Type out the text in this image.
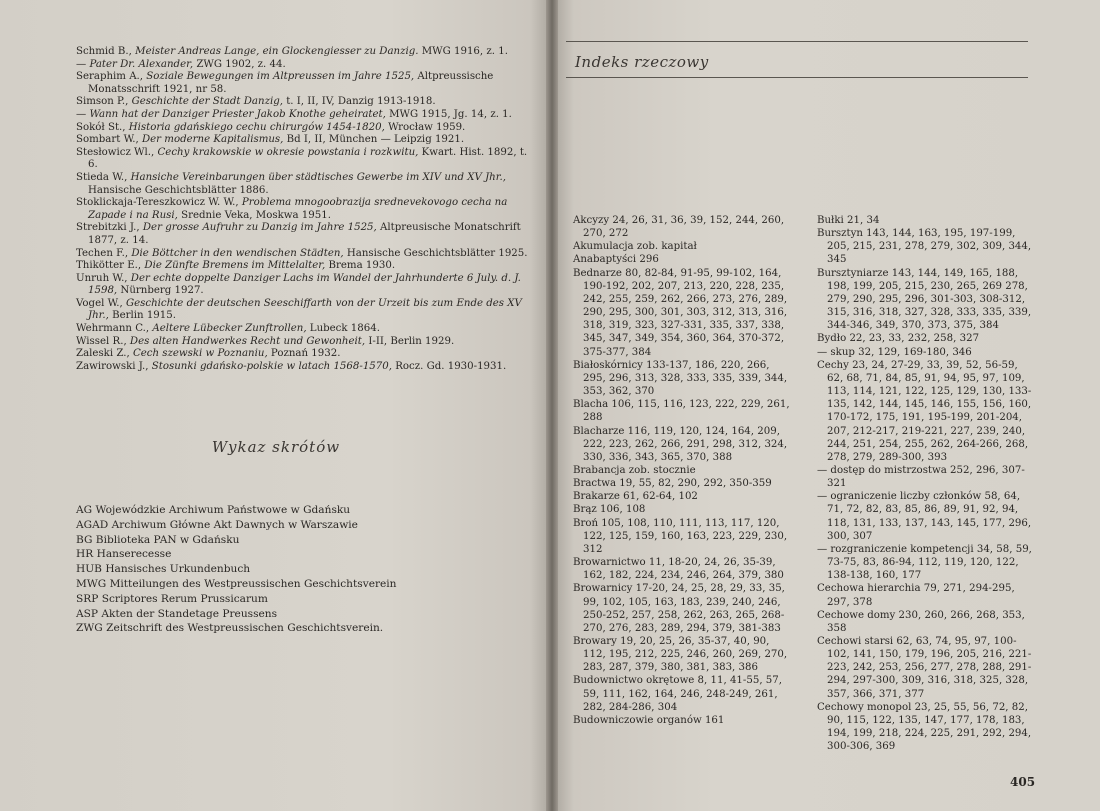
Schmid B., Meister Andreas Lange, ein Glockengiesser zu Danzig. MWG 1916, z. 1.

— Pater Dr. Alexander, ZWG 1902, z. 44.

Seraphim A., Soziale Bewegungen im Altpreussen im Jahre 1525, Altpreussische Monatsschrift 1921, nr 58.

Simson P., Geschichte der Stadt Danzig, t. I, II, IV, Danzig 1913-1918.

— Wann hat der Danziger Priester Jakob Knothe geheiratet, MWG 1915, Jg. 14, z. 1.

Sokół St., Historia gdańskiego cechu chirurgów 1454-1820, Wrocław 1959.

Sombart W., Der moderne Kapitalismus, Bd I, II, München — Leipzig 1921.

Stesłowicz Wl., Cechy krakowskie w okresie powstania i rozkwitu, Kwart. Hist. 1892, t. 6.

Stieda W., Hansiche Vereinbarungen über städtisches Gewerbe im XIV und XV Jhr., Hansische Geschichtsblätter 1886.

Stoklickaja-Tereszkowicz W. W., Problema mnogoobrazija srednevekovogo cecha na Zapade i na Rusi, Srednie Veka, Moskwa 1951.

Strebitzki J., Der grosse Aufruhr zu Danzig im Jahre 1525, Altpreusische Monatschrift 1877, z. 14.

Techen F., Die Böttcher in den wendischen Städten, Hansische Geschichtsblätter 1925.

Thikötter E., Die Zünfte Bremens im Mittelalter, Brema 1930.

Unruh W., Der echte doppelte Danziger Lachs im Wandel der Jahrhunderte 6 July. d. J. 1598, Nürnberg 1927.

Vogel W., Geschichte der deutschen Seeschiffarth von der Urzeit bis zum Ende des XV Jhr., Berlin 1915.

Wehrmann C., Aeltere Lübecker Zunftrollen, Lubeck 1864.

Wissel R., Des alten Handwerkes Recht und Gewonheit, I-II, Berlin 1929.

Zaleski Z., Cech szewski w Poznaniu, Poznań 1932.

Zawirowski J., Stosunki gdańsko-polskie w latach 1568-1570, Rocz. Gd. 1930-1931.

Wykaz skrótów

AG Wojewódzkie Archiwum Państwowe w Gdańsku

AGAD Archiwum Główne Akt Dawnych w Warszawie

BG Biblioteka PAN w Gdańsku

HR Hanserecesse

HUB Hansisches Urkundenbuch

MWG Mitteilungen des Westpreussischen Geschichtsverein

SRP Scriptores Rerum Prussicarum

ASP Akten der Standetage Preussens

ZWG Zeitschrift des Westpreussischen Geschichtsverein.

Indeks rzeczowy

Akcyzy 24, 26, 31, 36, 39, 152, 244, 260, 270, 272

Akumulacja zob. kapitał

Anabaptyści 296

Bednarze 80, 82-84, 91-95, 99-102, 164, 190-192, 202, 207, 213, 220, 228, 235, 242, 255, 259, 262, 266, 273, 276, 289, 290, 295, 300, 301, 303, 312, 313, 316, 318, 319, 323, 327-331, 335, 337, 338, 345, 347, 349, 354, 360, 364, 370-372, 375-377, 384

Białoskórnicy 133-137, 186, 220, 266, 295, 296, 313, 328, 333, 335, 339, 344, 353, 362, 370

Blacha 106, 115, 116, 123, 222, 229, 261, 288

Blacharze 116, 119, 120, 124, 164, 209, 222, 223, 262, 266, 291, 298, 312, 324, 330, 336, 343, 365, 370, 388

Brabancja zob. stocznie

Bractwa 19, 55, 82, 290, 292, 350-359

Brakarze 61, 62-64, 102

Brąz 106, 108

Broń 105, 108, 110, 111, 113, 117, 120, 122, 125, 159, 160, 163, 223, 229, 230, 312

Browarnictwo 11, 18-20, 24, 26, 35-39, 162, 182, 224, 234, 246, 264, 379, 380

Browarnicy 17-20, 24, 25, 28, 29, 33, 35, 99, 102, 105, 163, 183, 239, 240, 246, 250-252, 257, 258, 262, 263, 265, 268-270, 276, 283, 289, 294, 379, 381-383

Browary 19, 20, 25, 26, 35-37, 40, 90, 112, 195, 212, 225, 246, 260, 269, 270, 283, 287, 379, 380, 381, 383, 386

Budownictwo okrętowe 8, 11, 41-55, 57, 59, 111, 162, 164, 246, 248-249, 261, 282, 284-286, 304

Budowniczowie organów 161

Bułki 21, 34

Bursztyn 143, 144, 163, 195, 197-199, 205, 215, 231, 278, 279, 302, 309, 344, 345

Bursztyniarze 143, 144, 149, 165, 188, 198, 199, 205, 215, 230, 265, 269 278, 279, 290, 295, 296, 301-303, 308-312, 315, 316, 318, 327, 328, 333, 335, 339, 344-346, 349, 370, 373, 375, 384

Bydło 22, 23, 33, 232, 258, 327

— skup 32, 129, 169-180, 346

Cechy 23, 24, 27-29, 33, 39, 52, 56-59, 62, 68, 71, 84, 85, 91, 94, 95, 97, 109, 113, 114, 121, 122, 125, 129, 130, 133-135, 142, 144, 145, 146, 155, 156, 160, 170-172, 175, 191, 195-199, 201-204, 207, 212-217, 219-221, 227, 239, 240, 244, 251, 254, 255, 262, 264-266, 268, 278, 279, 289-300, 393

— dostęp do mistrzostwa 252, 296, 307-321

— ograniczenie liczby członków 58, 64, 71, 72, 82, 83, 85, 86, 89, 91, 92, 94, 118, 131, 133, 137, 143, 145, 177, 296, 300, 307

— rozgraniczenie kompetencji 34, 58, 59, 73-75, 83, 86-94, 112, 119, 120, 122, 138-138, 160, 177

Cechowa hierarchia 79, 271, 294-295, 297, 378

Cechowe domy 230, 260, 266, 268, 353, 358

Cechowi starsi 62, 63, 74, 95, 97, 100-102, 141, 150, 179, 196, 205, 216, 221-223, 242, 253, 256, 277, 278, 288, 291-294, 297-300, 309, 316, 318, 325, 328, 357, 366, 371, 377

Cechowy monopol 23, 25, 55, 56, 72, 82, 90, 115, 122, 135, 147, 177, 178, 183, 194, 199, 218, 224, 225, 291, 292, 294, 300-306, 369

405
